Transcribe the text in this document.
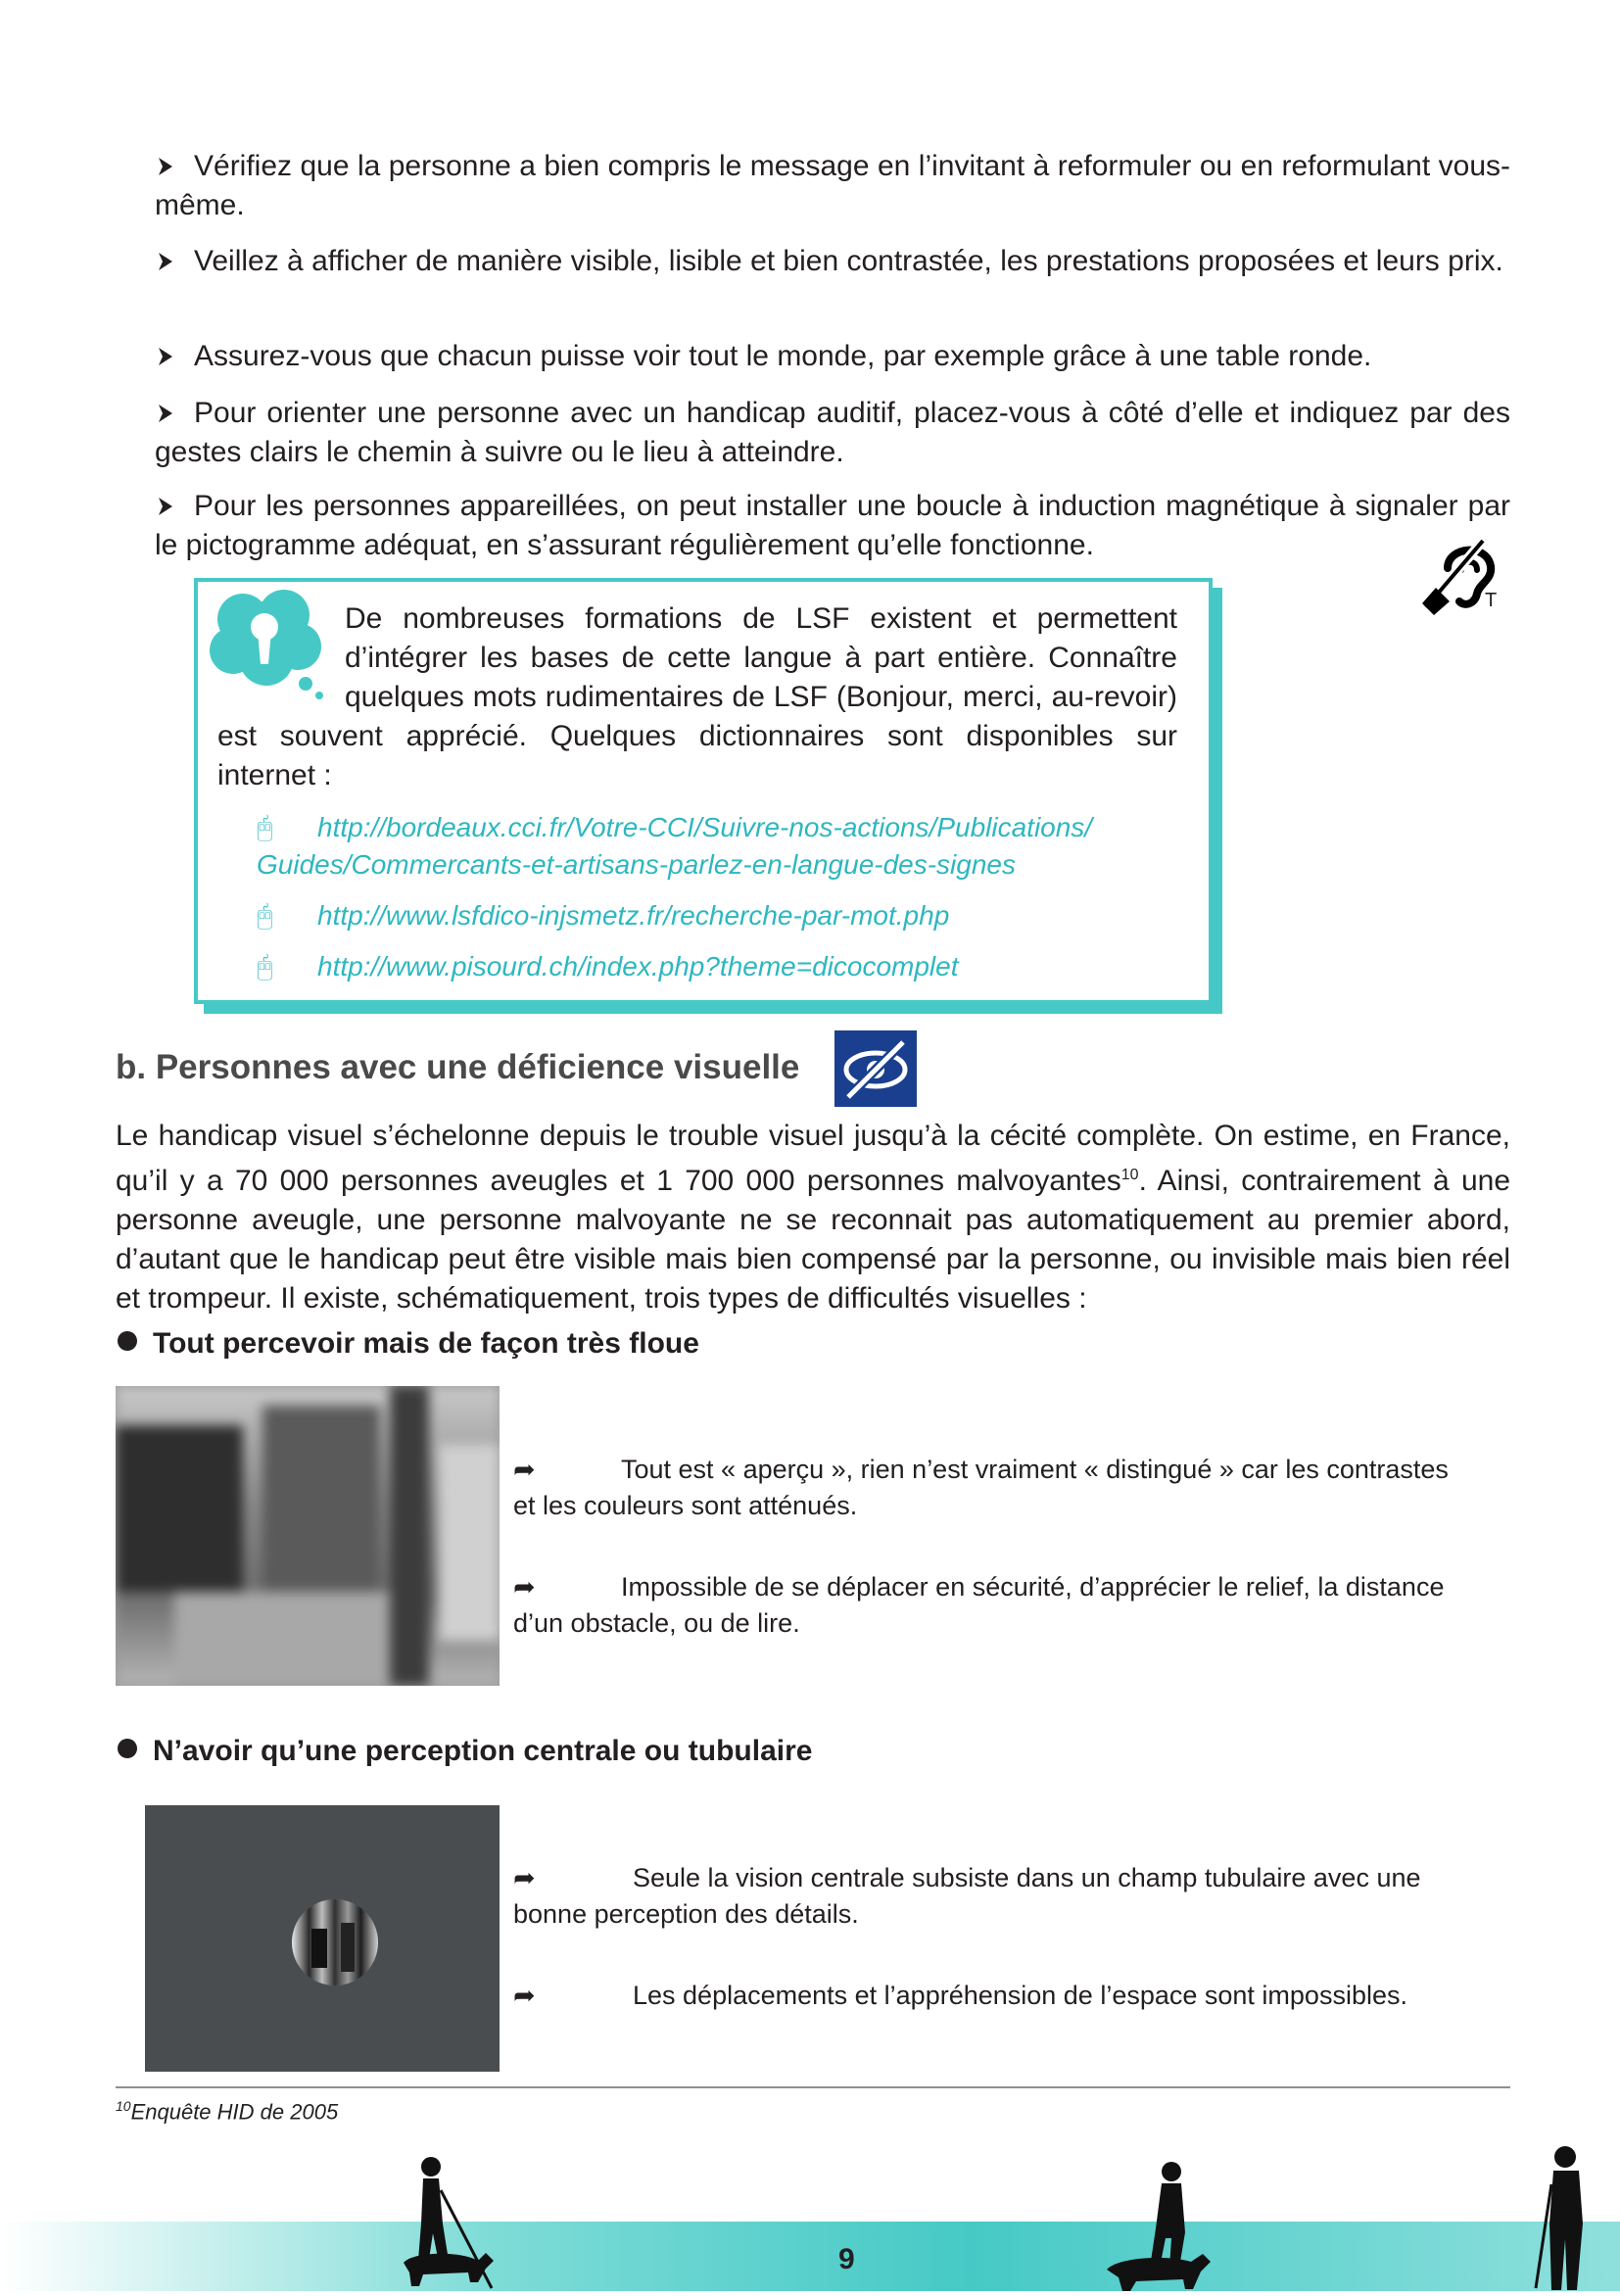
Vérifiez que la personne a bien compris le message en l’invitant à reformuler ou en reformulant vous-même.
Veillez à afficher de manière visible, lisible et bien contrastée, les prestations proposées et leurs prix.
Assurez-vous que chacun puisse voir tout le monde, par exemple grâce à une table ronde.
Pour orienter une personne avec un handicap auditif, placez-vous à côté d’elle et indiquez par des gestes clairs le chemin à suivre ou le lieu à atteindre.
Pour les personnes appareillées, on peut installer une boucle à induction magnétique à signaler par le pictogramme adéquat, en s’assurant régulièrement qu’elle fonctionne.
T
De nombreuses formations de LSF existent et permettent d’intégrer les bases de cette langue à part entière. Connaître quelques mots rudimentaires de LSF (Bonjour, merci, au-revoir) est souvent apprécié. Quelques dictionnaires sont disponibles sur internet :
🖰 http://bordeaux.cci.fr/Votre-CCI/Suivre-nos-actions/Publications/
Guides/Commercants-et-artisans-parlez-en-langue-des-signes
🖰 http://www.lsfdico-injsmetz.fr/recherche-par-mot.php
🖰 http://www.pisourd.ch/index.php?theme=dicocomplet
b. Personnes avec une déficience visuelle
Le handicap visuel s’échelonne depuis le trouble visuel jusqu’à la cécité complète. On estime, en France, qu’il y a 70 000 personnes aveugles et 1 700 000 personnes malvoyantes$^{10}$. Ainsi, contrairement à une personne aveugle, une personne malvoyante ne se reconnait pas automatiquement au premier abord, d’autant que le handicap peut être visible mais bien compensé par la personne, ou invisible mais bien réel et trompeur. Il existe, schématiquement, trois types de difficultés visuelles :
Tout percevoir mais de façon très floue
➦	Tout est « aperçu », rien n’est vraiment « distingué » car les contrastes et les couleurs sont atténués.
➦	Impossible de se déplacer en sécurité, d’apprécier le relief, la distance d’un obstacle, ou de lire.
N’avoir qu’une perception centrale ou tubulaire
➦	Seule la vision centrale subsiste dans un champ tubulaire avec une bonne perception des détails.
➦	Les déplacements et l’appréhension de l’espace sont impossibles.
$^{10}$Enquête HID de 2005
9
